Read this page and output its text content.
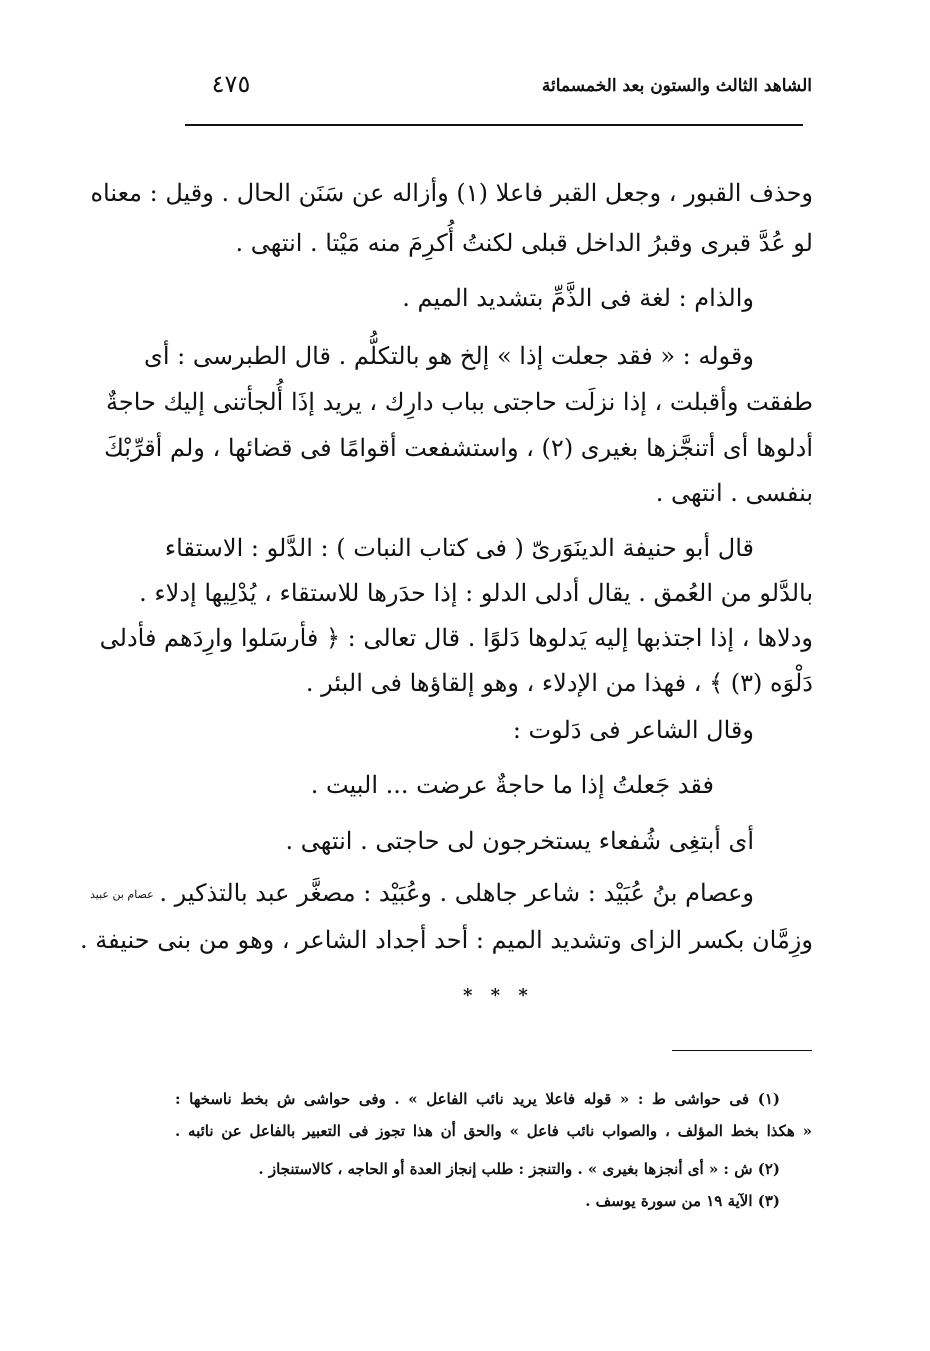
الشاهد الثالث والستون بعد الخمسمائة
٤٧٥
وحذف القبور ، وجعل القبر فاعلا (١) وأزاله عن سَنَن الحال . وقيل : معناه
لو عُدَّ قبرى وقبرُ الداخل قبلى لكنتُ أُكرِمَ منه مَيْتا . انتهى .
والذام : لغة فى الذَّمِّ بتشديد الميم .
وقوله : « فقد جعلت إذا » إلخ هو بالتكلُّم . قال الطبرسى : أى
طفقت وأقبلت ، إذا نزلَت حاجتى بباب دارِك ، يريد إذَا أُلجأتنى إليك حاجةٌ
أدلوها أى أتنجَّزها بغيرى (٢) ، واستشفعت أقوامًا فى قضائها ، ولم أقرِّبْكَ
بنفسى . انتهى .
قال أبو حنيفة الدينَوَرىّ ( فى كتاب النبات ) : الدَّلو : الاستقاء
بالدَّلو من العُمق . يقال أدلى الدلو : إذا حدَرها للاستقاء ، يُدْلِيها إدلاء .
ودلاها ، إذا اجتذبها إليه يَدلوها دَلوًا . قال تعالى : ﴿ فأرسَلوا وارِدَهم فأدلى
دَلْوَه (٣) ﴾ ، فهذا من الإدلاء ، وهو إلقاؤها فى البئر .
وقال الشاعر فى دَلوت :
فقد جَعلتُ إذا ما حاجةٌ عرضت ... البيت .
أى أبتغِى شُفعاء يستخرجون لى حاجتى . انتهى .
وعصام بنُ عُبَيْد : شاعر جاهلى . وعُبَيْد : مصغَّر عبد بالتذكير .
وزِمَّان بكسر الزاى وتشديد الميم : أحد أجداد الشاعر ، وهو من بنى حنيفة .
عصام بن عبيد
* * *
(١) فى حواشى ط : « قوله فاعلا يريد نائب الفاعل » . وفى حواشى ش بخط ناسخها :
« هكذا بخط المؤلف ، والصواب نائب فاعل » والحق أن هذا تجوز فى التعبير بالفاعل عن نائبه .
(٢) ش : « أى أنجزها بغيرى » . والتنجز : طلب إنجاز العدة أو الحاجه ، كالاستنجاز .
(٣) الآية ١٩ من سورة يوسف .
